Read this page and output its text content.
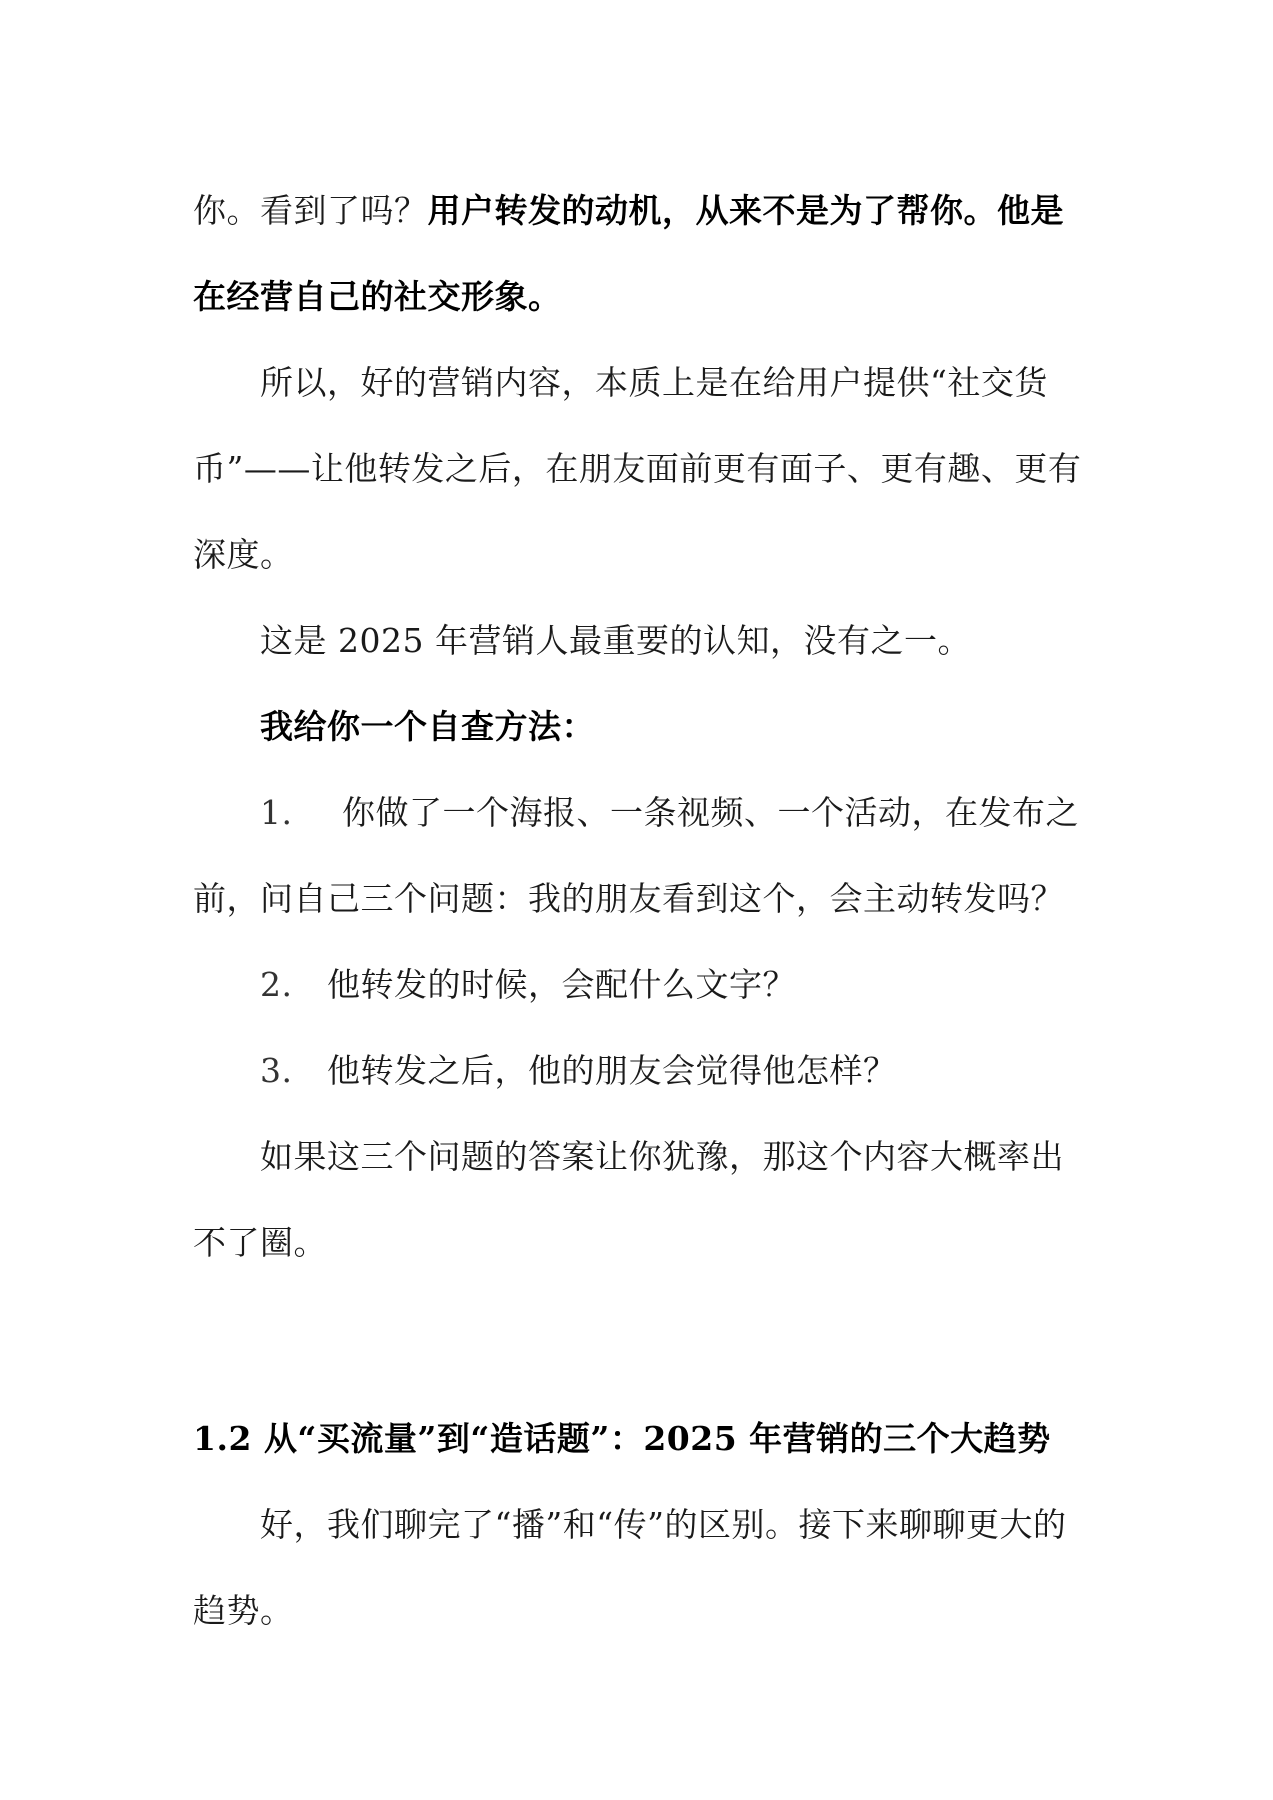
你。看到了吗？用户转发的动机，从来不是为了帮你。他是在经营自己的社交形象。

所以，好的营销内容，本质上是在给用户提供“社交货币”——让他转发之后，在朋友面前更有面子、更有趣、更有深度。

这是 2025 年营销人最重要的认知，没有之一。

我给你一个自查方法：

1. 你做了一个海报、一条视频、一个活动，在发布之前，问自己三个问题：我的朋友看到这个，会主动转发吗？

2. 他转发的时候，会配什么文字？

3. 他转发之后，他的朋友会觉得他怎样？

如果这三个问题的答案让你犹豫，那这个内容大概率出不了圈。

1.2 从“买流量”到“造话题”：2025 年营销的三个大趋势

好，我们聊完了“播”和“传”的区别。接下来聊聊更大的趋势。
